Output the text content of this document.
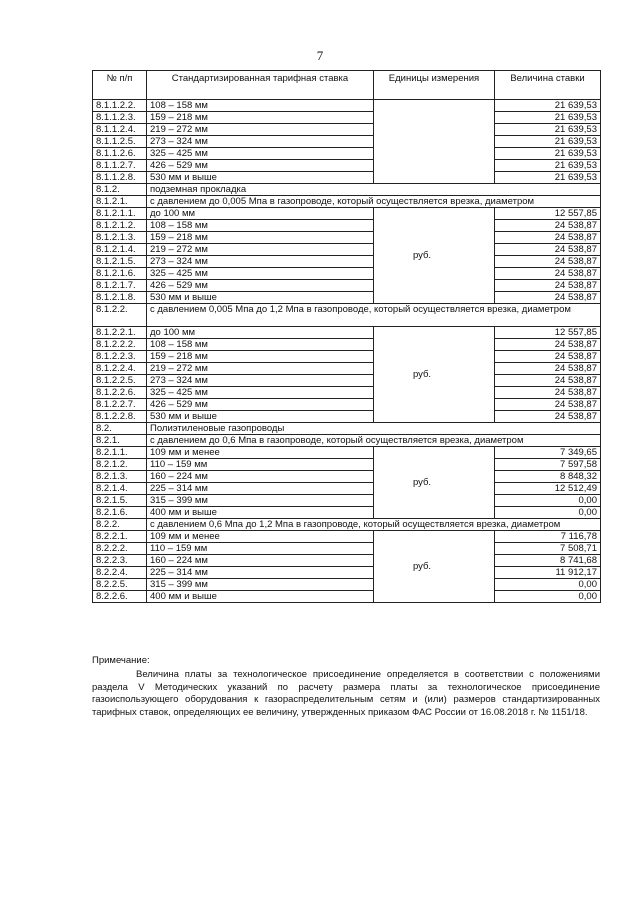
7
№ п/п	Стандартизированная тарифная ставка	Единицы измерения	Величина ставки
8.1.1.2.2.	108 – 158 мм		21 639,53
8.1.1.2.3.	159 – 218 мм		21 639,53
8.1.1.2.4.	219 – 272 мм		21 639,53
8.1.1.2.5.	273 – 324 мм		21 639,53
8.1.1.2.6.	325 – 425 мм		21 639,53
8.1.1.2.7.	426 – 529 мм		21 639,53
8.1.1.2.8.	530 мм и выше		21 639,53
8.1.2.	подземная прокладка		
8.1.2.1.	с давлением до 0,005 Мпа в газопроводе, который осуществляется врезка, диаметром		
8.1.2.1.1.	до 100 мм	руб.	12 557,85
8.1.2.1.2.	108 – 158 мм		24 538,87
8.1.2.1.3.	159 – 218 мм		24 538,87
8.1.2.1.4.	219 – 272 мм		24 538,87
8.1.2.1.5.	273 – 324 мм		24 538,87
8.1.2.1.6.	325 – 425 мм		24 538,87
8.1.2.1.7.	426 – 529 мм		24 538,87
8.1.2.1.8.	530 мм и выше		24 538,87
8.1.2.2.	с давлением 0,005 Мпа до 1,2 Мпа в газопроводе, который осуществляется врезка, диаметром		
8.1.2.2.1.	до 100 мм	руб.	12 557,85
8.1.2.2.2.	108 – 158 мм		24 538,87
8.1.2.2.3.	159 – 218 мм		24 538,87
8.1.2.2.4.	219 – 272 мм		24 538,87
8.1.2.2.5.	273 – 324 мм		24 538,87
8.1.2.2.6.	325 – 425 мм		24 538,87
8.1.2.2.7.	426 – 529 мм		24 538,87
8.1.2.2.8.	530 мм и выше		24 538,87
8.2.	Полиэтиленовые газопроводы		
8.2.1.	с давлением до 0,6 Мпа в газопроводе, который осуществляется врезка, диаметром		
8.2.1.1.	109 мм и менее	руб.	7 349,65
8.2.1.2.	110 – 159 мм		7 597,58
8.2.1.3.	160 – 224 мм		8 848,32
8.2.1.4.	225 – 314 мм		12 512,49
8.2.1.5.	315 – 399 мм		0,00
8.2.1.6.	400 мм и выше		0,00
8.2.2.	с давлением 0,6 Мпа до 1,2 Мпа в газопроводе, который осуществляется врезка, диаметром		
8.2.2.1.	109 мм и менее	руб.	7 116,78
8.2.2.2.	110 – 159 мм		7 508,71
8.2.2.3.	160 – 224 мм		8 741,68
8.2.2.4.	225 – 314 мм		11 912,17
8.2.2.5.	315 – 399 мм		0,00
8.2.2.6.	400 мм и выше		0,00
Примечание:
Величина платы за технологическое присоединение определяется в соответствии с положениями раздела V Методических указаний по расчету размера платы за технологическое присоединение газоиспользующего оборудования к газораспределительным сетям и (или) размеров стандартизированных тарифных ставок, определяющих ее величину, утвержденных приказом ФАС России от 16.08.2018 г. № 1151/18.
